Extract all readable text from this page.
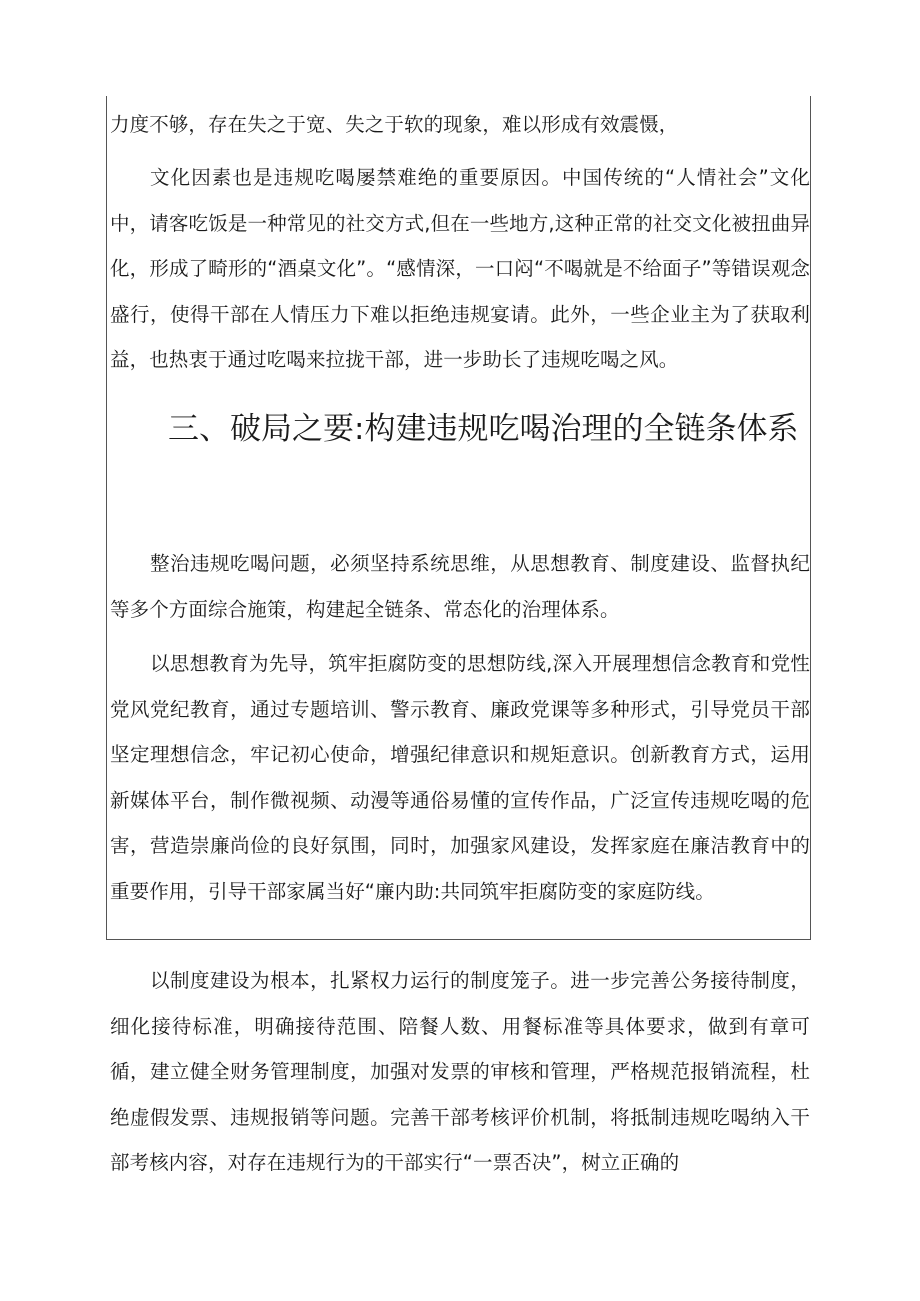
力度不够，存在失之于宽、失之于软的现象，难以形成有效震慑，

文化因素也是违规吃喝屡禁难绝的重要原因。中国传统的“人情社会”文化中，请客吃饭是一种常见的社交方式,但在一些地方,这种正常的社交文化被扭曲异化，形成了畸形的“酒桌文化”。“感情深，一口闷“不喝就是不给面子”等错误观念盛行，使得干部在人情压力下难以拒绝违规宴请。此外，一些企业主为了获取利益，也热衷于通过吃喝来拉拢干部，进一步助长了违规吃喝之风。

三、破局之要:构建违规吃喝治理的全链条体系

整治违规吃喝问题，必须坚持系统思维，从思想教育、制度建设、监督执纪等多个方面综合施策，构建起全链条、常态化的治理体系。

以思想教育为先导，筑牢拒腐防变的思想防线,深入开展理想信念教育和党性党风党纪教育，通过专题培训、警示教育、廉政党课等多种形式，引导党员干部坚定理想信念，牢记初心使命，增强纪律意识和规矩意识。创新教育方式，运用新媒体平台，制作微视频、动漫等通俗易懂的宣传作品，广泛宣传违规吃喝的危害，营造崇廉尚俭的良好氛围，同时，加强家风建设，发挥家庭在廉洁教育中的重要作用，引导干部家属当好“廉内助:共同筑牢拒腐防变的家庭防线。

以制度建设为根本，扎紧权力运行的制度笼子。进一步完善公务接待制度，细化接待标准，明确接待范围、陪餐人数、用餐标准等具体要求，做到有章可循，建立健全财务管理制度，加强对发票的审核和管理，严格规范报销流程，杜绝虚假发票、违规报销等问题。完善干部考核评价机制，将抵制违规吃喝纳入干部考核内容，对存在违规行为的干部实行“一票否决”，树立正确的
